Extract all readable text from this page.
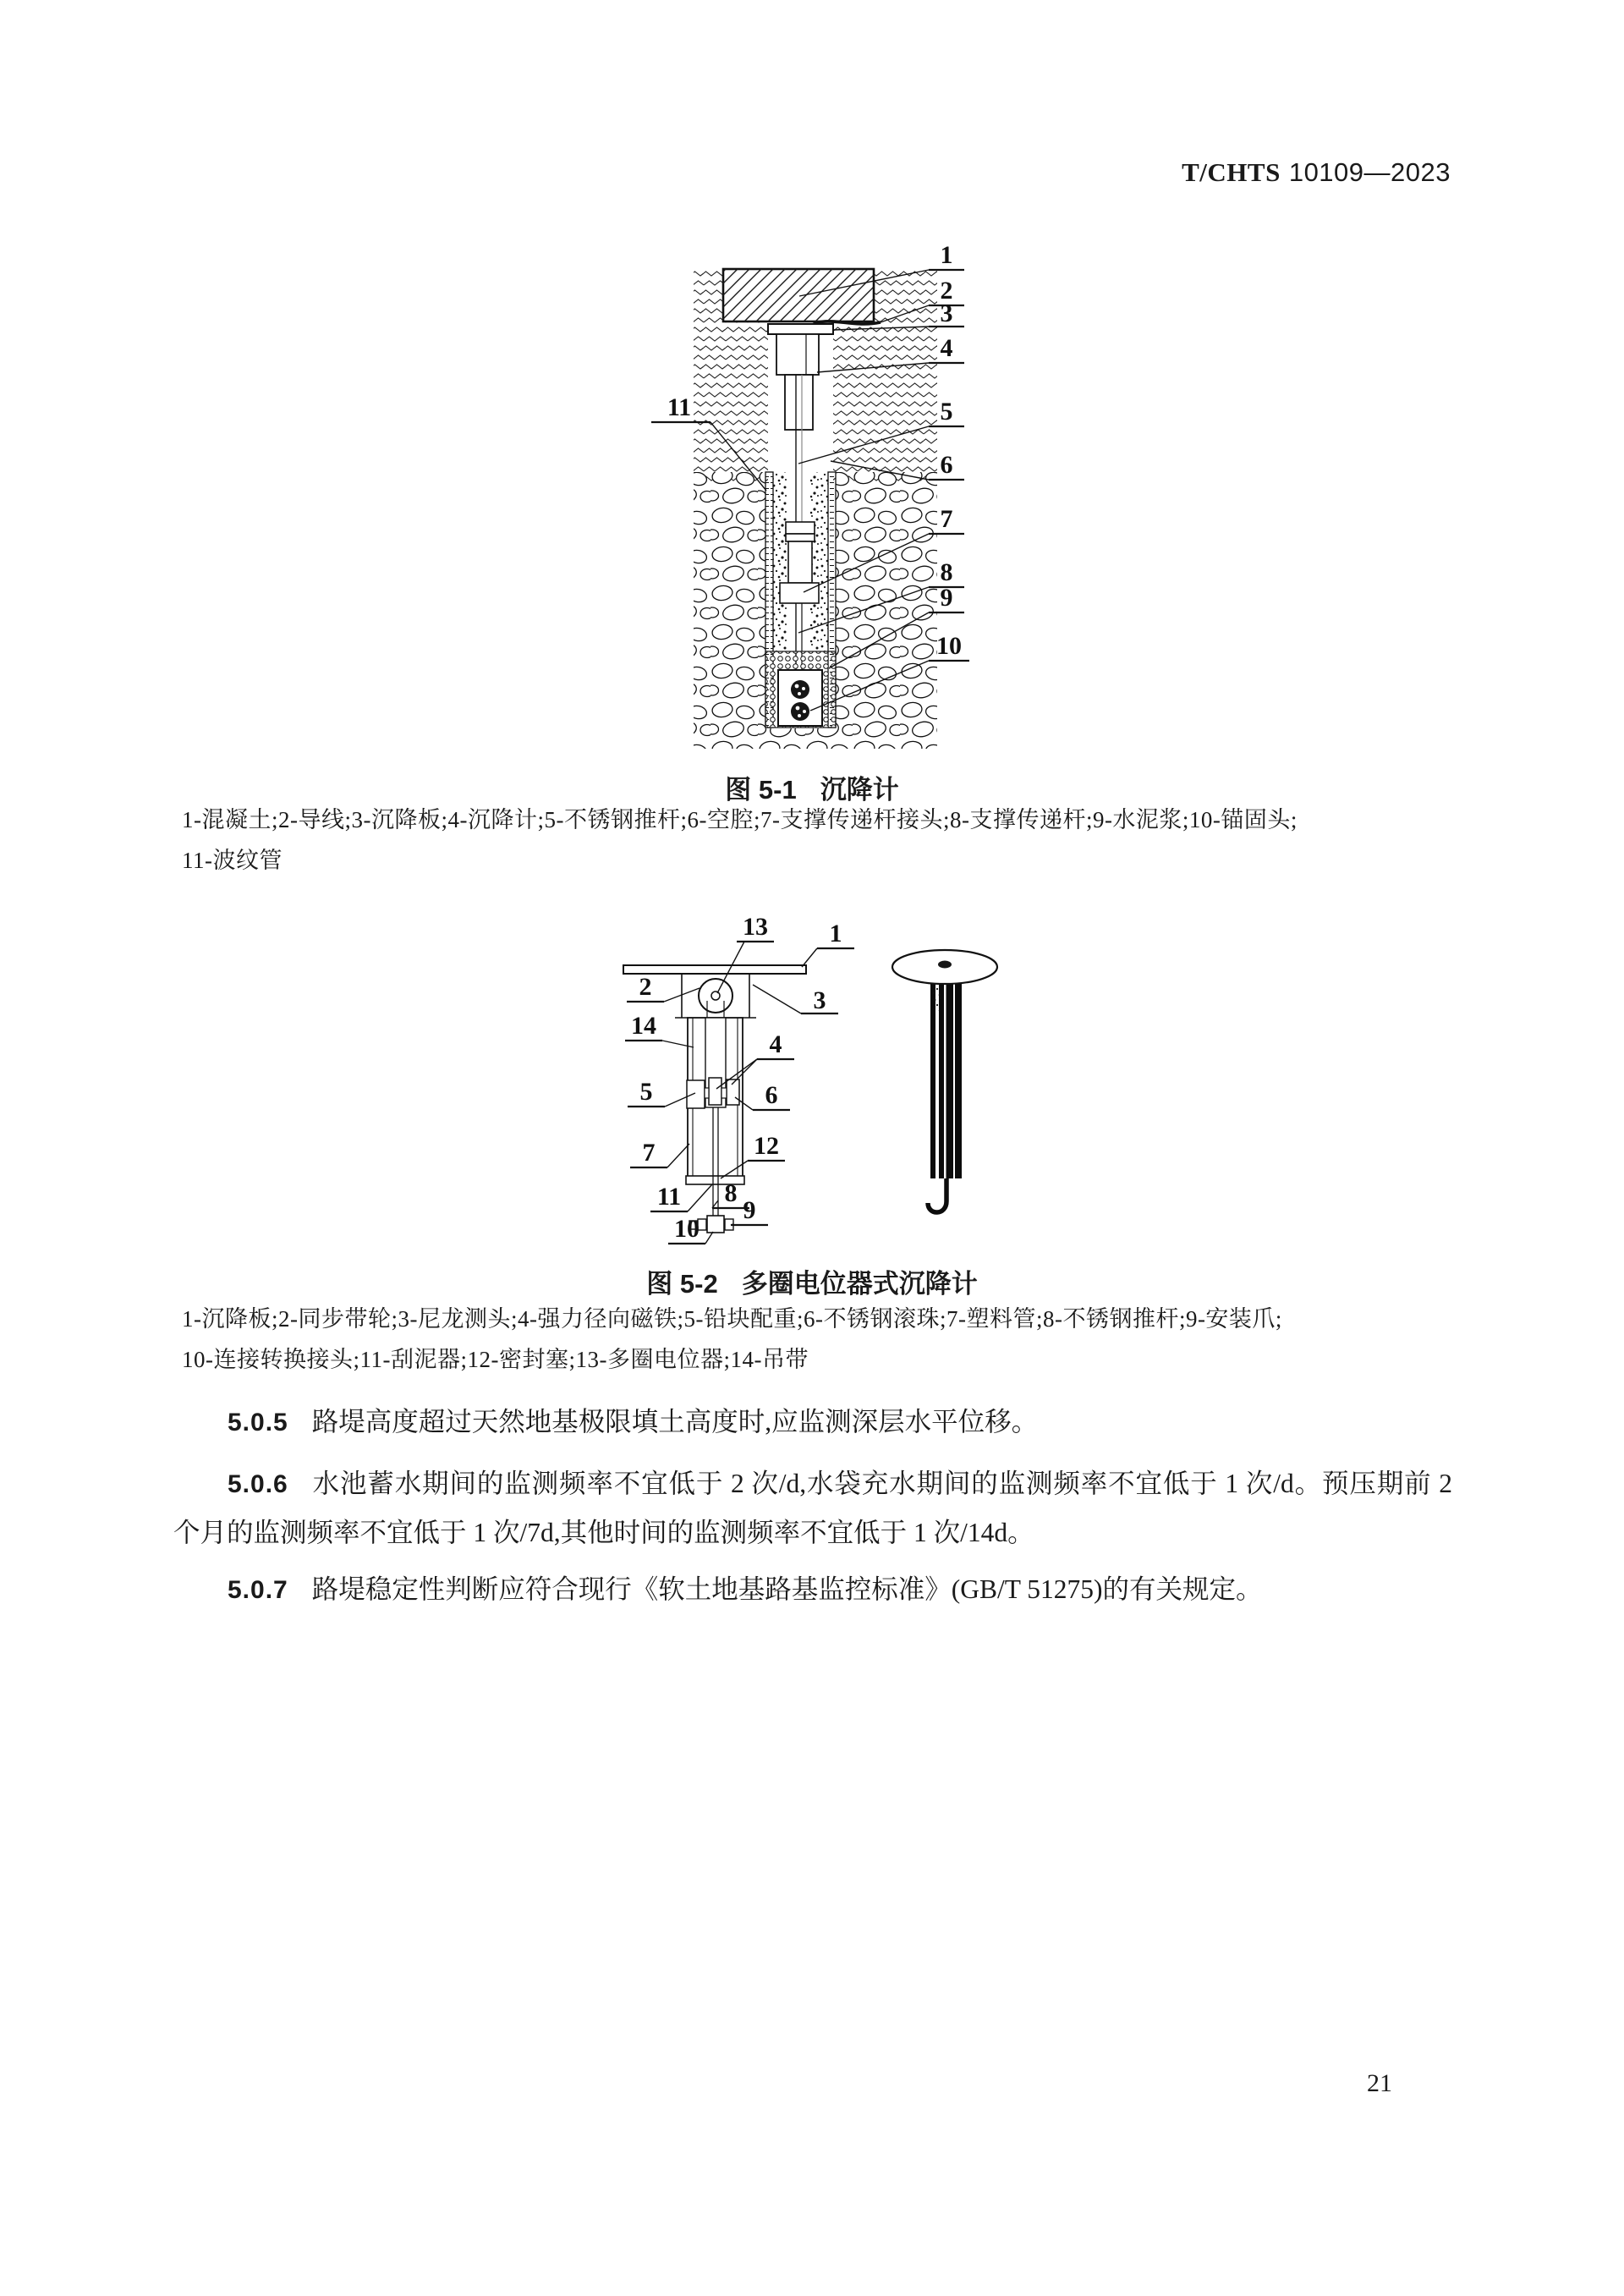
T/CHTS 10109—2023
1
2
3
4
5
6
7
8
9
10
11
图 5-1 沉降计
1-混凝土;2-导线;3-沉降板;4-沉降计;5-不锈钢推杆;6-空腔;7-支撑传递杆接头;8-支撑传递杆;9-水泥浆;10-锚固头;
11-波纹管
13 1
2	3
14
4
5	6
7	12
11 8
9
10
图 5-2 多圈电位器式沉降计
1-沉降板;2-同步带轮;3-尼龙测头;4-强力径向磁铁;5-铅块配重;6-不锈钢滚珠;7-塑料管;8-不锈钢推杆;9-安装爪;
10-连接转换接头;11-刮泥器;12-密封塞;13-多圈电位器;14-吊带
5.0.5 路堤高度超过天然地基极限填土高度时,应监测深层水平位移。
5.0.6 水池蓄水期间的监测频率不宜低于 2 次/d,水袋充水期间的监测频率不宜低于 1 次/d。预压期前 2 个月的监测频率不宜低于 1 次/7d,其他时间的监测频率不宜低于 1 次/14d。
5.0.7 路堤稳定性判断应符合现行《软土地基路基监控标准》(GB/T 51275)的有关规定。
21
